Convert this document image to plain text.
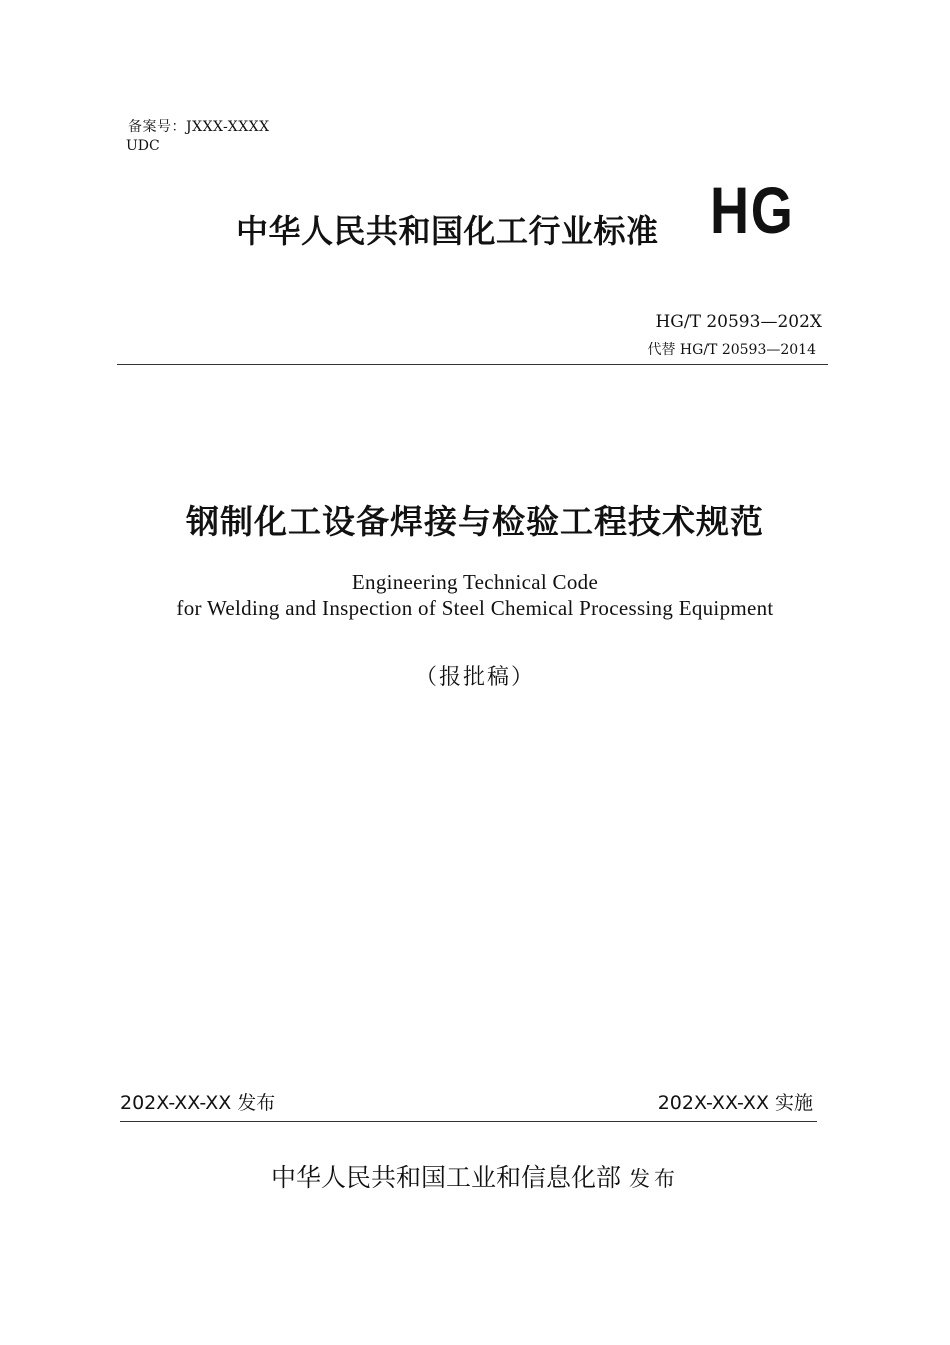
备案号：JXXX-XXXX
UDC
中华人民共和国化工行业标准 HG
HG/T 20593—202X
代替 HG/T 20593—2014
钢制化工设备焊接与检验工程技术规范
Engineering Technical Code
for Welding and Inspection of Steel Chemical Processing Equipment
（报批稿）
202X-XX-XX 发布	202X-XX-XX 实施
中华人民共和国工业和信息化部 发布
